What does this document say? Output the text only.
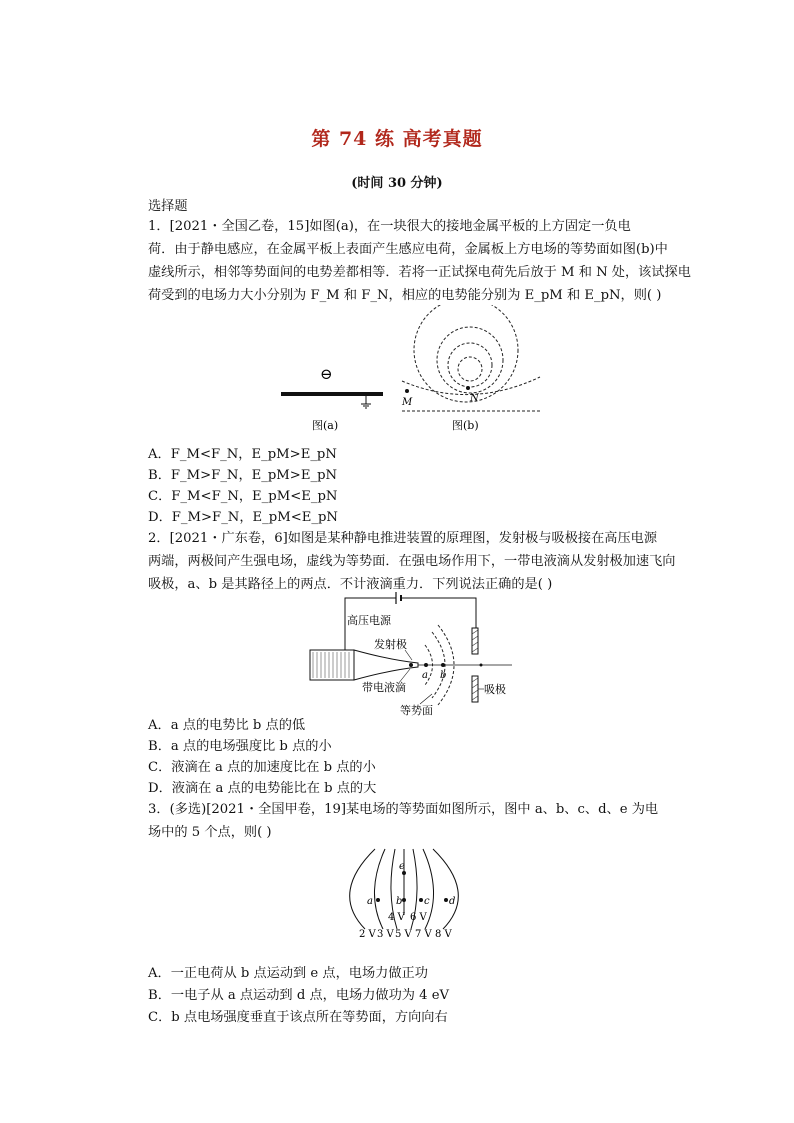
第 74 练 高考真题
(时间 30 分钟)
选择题
1．[2021・全国乙卷，15]如图(a)，在一块很大的接地金属平板的上方固定一负电
荷．由于静电感应，在金属平板上表面产生感应电荷，金属板上方电场的等势面如图(b)中
虚线所示，相邻等势面间的电势差都相等．若将一正试探电荷先后放于 M 和 N 处，该试探电
荷受到的电场力大小分别为 F_M 和 F_N，相应的电势能分别为 E_pM 和 E_pN，则( )
⊖
图(a)
M	N
图(b)
A．F_M<F_N，E_pM>E_pN
B．F_M>F_N，E_pM>E_pN
C．F_M<F_N，E_pM<E_pN
D．F_M>F_N，E_pM<E_pN
2．[2021・广东卷，6]如图是某种静电推进装置的原理图，发射极与吸极接在高压电源
两端，两极间产生强电场，虚线为等势面．在强电场作用下，一带电液滴从发射极加速飞向
吸极，a、b 是其路径上的两点．不计液滴重力．下列说法正确的是( )
高压电源
a b
发射极
带电液滴
等势面
吸极
A．a 点的电势比 b 点的低
B．a 点的电场强度比 b 点的小
C．液滴在 a 点的加速度比在 b 点的小
D．液滴在 a 点的电势能比在 b 点的大
3．(多选)[2021・全国甲卷，19]某电场的等势面如图所示，图中 a、b、c、d、e 为电
场中的 5 个点，则( )
e
a b c d
4 V 6 V
2 V 3 V 5 V 7 V 8 V
A．一正电荷从 b 点运动到 e 点，电场力做正功
B．一电子从 a 点运动到 d 点，电场力做功为 4 eV
C．b 点电场强度垂直于该点所在等势面，方向向右
